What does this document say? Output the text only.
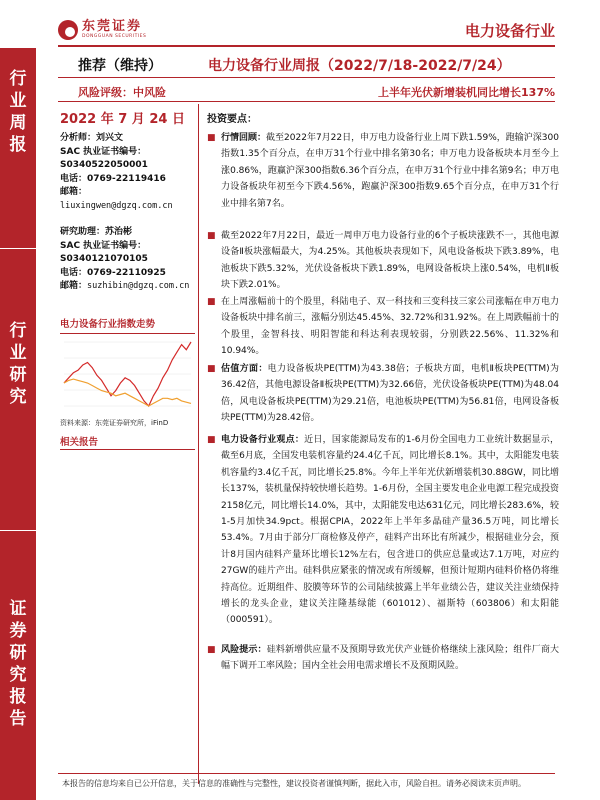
东莞证券
DONGGUAN SECURITIES	电力设备行业
行
业
周
报
行
业
研
究
证
券
研
究
报
告
推荐（维持）	电力设备行业周报（2022/7/18-2022/7/24）
风险评级：中风险	上半年光伏新增装机同比增长137%
2022 年 7 月 24 日
分析师：刘兴文
SAC 执业证书编号：
S0340522050001
电话：0769-22119416
邮箱：
liuxingwen@dgzq.com.cn
研究助理：苏治彬
SAC 执业证书编号：
S0340121070105
电话：0769-22110925
邮箱：suzhibin@dgzq.com.cn
电力设备行业指数走势
资料来源：东莞证券研究所，iFinD
相关报告
投资要点：
■ 行情回顾：截至2022年7月22日，申万电力设备行业上周下跌1.59%，跑输沪深300指数1.35个百分点，在申万31个行业中排名第30名；申万电力设备板块本月至今上涨0.86%，跑赢沪深300指数6.36个百分点，在申万31个行业中排名第9名；申万电力设备板块年初至今下跌4.56%，跑赢沪深300指数9.65个百分点，在申万31个行业中排名第7名。
■ 截至2022年7月22日，最近一周申万电力设备行业的6个子板块涨跌不一，其他电源设备Ⅱ板块涨幅最大，为4.25%。其他板块表现如下，风电设备板块下跌3.89%，电池板块下跌5.32%，光伏设备板块下跌1.89%，电网设备板块上涨0.54%，电机Ⅱ板块下跌2.01%。
■ 在上周涨幅前十的个股里，科陆电子、双一科技和三变科技三家公司涨幅在申万电力设备板块中排名前三，涨幅分别达45.45%、32.72%和31.92%。在上周跌幅前十的个股里，金智科技、明阳智能和科达利表现较弱，分别跌22.56%、11.32%和10.94%。
■ 估值方面：电力设备板块PE(TTM)为43.38倍；子板块方面，电机Ⅱ板块PE(TTM)为36.42倍，其他电源设备Ⅱ板块PE(TTM)为32.66倍，光伏设备板块PE(TTM)为48.04倍，风电设备板块PE(TTM)为29.21倍，电池板块PE(TTM)为56.81倍，电网设备板块PE(TTM)为28.42倍。
■ 电力设备行业观点：近日，国家能源局发布的1-6月份全国电力工业统计数据显示，截至6月底，全国发电装机容量约24.4亿千瓦，同比增长8.1%。其中，太阳能发电装机容量约3.4亿千瓦，同比增长25.8%。今年上半年光伏新增装机30.88GW，同比增长137%，装机量保持较快增长趋势。1-6月份，全国主要发电企业电源工程完成投资2158亿元，同比增长14.0%，其中，太阳能发电达631亿元，同比增长283.6%，较1-5月加快34.9pct。根据CPIA，2022年上半年多晶硅产量36.5万吨，同比增长53.4%。7月由于部分厂商检修及停产，硅料产出环比有所减少，根据硅业分会，预计8月国内硅料产量环比增长12%左右，包含进口的供应总量或达7.1万吨，对应约27GW的硅片产出。硅料供应紧张的情况或有所缓解，但预计短期内硅料价格仍将维持高位。近期组件、胶膜等环节的公司陆续披露上半年业绩公告，建议关注业绩保持增长的龙头企业，建议关注隆基绿能（601012）、福斯特（603806）和太阳能（000591）。
■ 风险提示：硅料新增供应量不及预期导致光伏产业链价格继续上涨风险；组件厂商大幅下调开工率风险；国内全社会用电需求增长不及预期风险。
本报告的信息均来自已公开信息，关于信息的准确性与完整性，建议投资者谨慎判断，据此入市，风险自担。请务必阅读末页声明。
